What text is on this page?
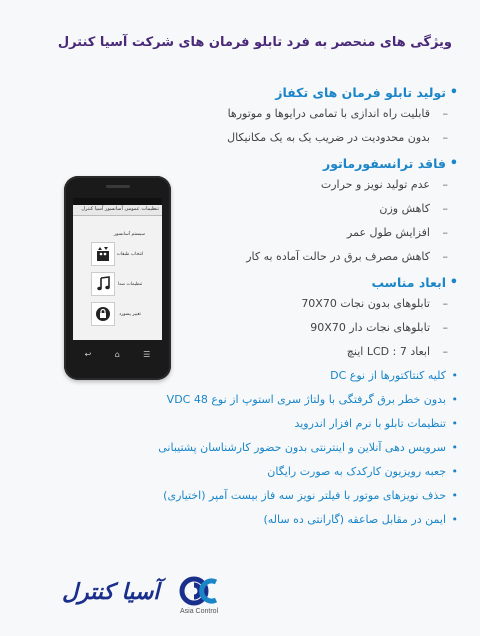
ویژگی های منحصر به فرد تابلو فرمان های شرکت آسیا کنترل
•
تولید تابلو فرمان های تکفاز
–
قابلیت راه اندازی با تمامی درایوها و موتورها
–
بدون محدودیت در ضریب یک به یک مکانیکال
•
فاقد ترانسفورماتور
–
عدم تولید نویز و حرارت
–
کاهش وزن
–
افزایش طول عمر
–
کاهش مصرف برق در حالت آماده به کار
•
ابعاد مناسب
–
تابلوهای بدون نجات 70X70
–
تابلوهای نجات دار 90X70
–
ابعاد LCD : 7 اینچ
•
کلیه کنتاکتورها از نوع DC
•
بدون خطر برق گرفتگی با ولتاژ سری استوپ از نوع 48 VDC
•
تنظیمات تابلو با نرم افزار اندروید
•
سرویس دهی آنلاین و اینترنتی بدون حضور کارشناسان پشتیبانی
•
جعبه رویزیون کارکدک به صورت رایگان
•
حذف نویزهای موتور با فیلتر نویز سه فاز بیست آمپر (اختیاری)
•
ایمن در مقابل صاعقه (گارانتی ده ساله)
تنظیمات عمومی آسانسور آسیا کنترل
سیستم آسانسور
انتخاب طبقات
تنظیمات صدا
تغییر پسورد
↩	⌂	☰
آسیا کنترل
Asia Control
